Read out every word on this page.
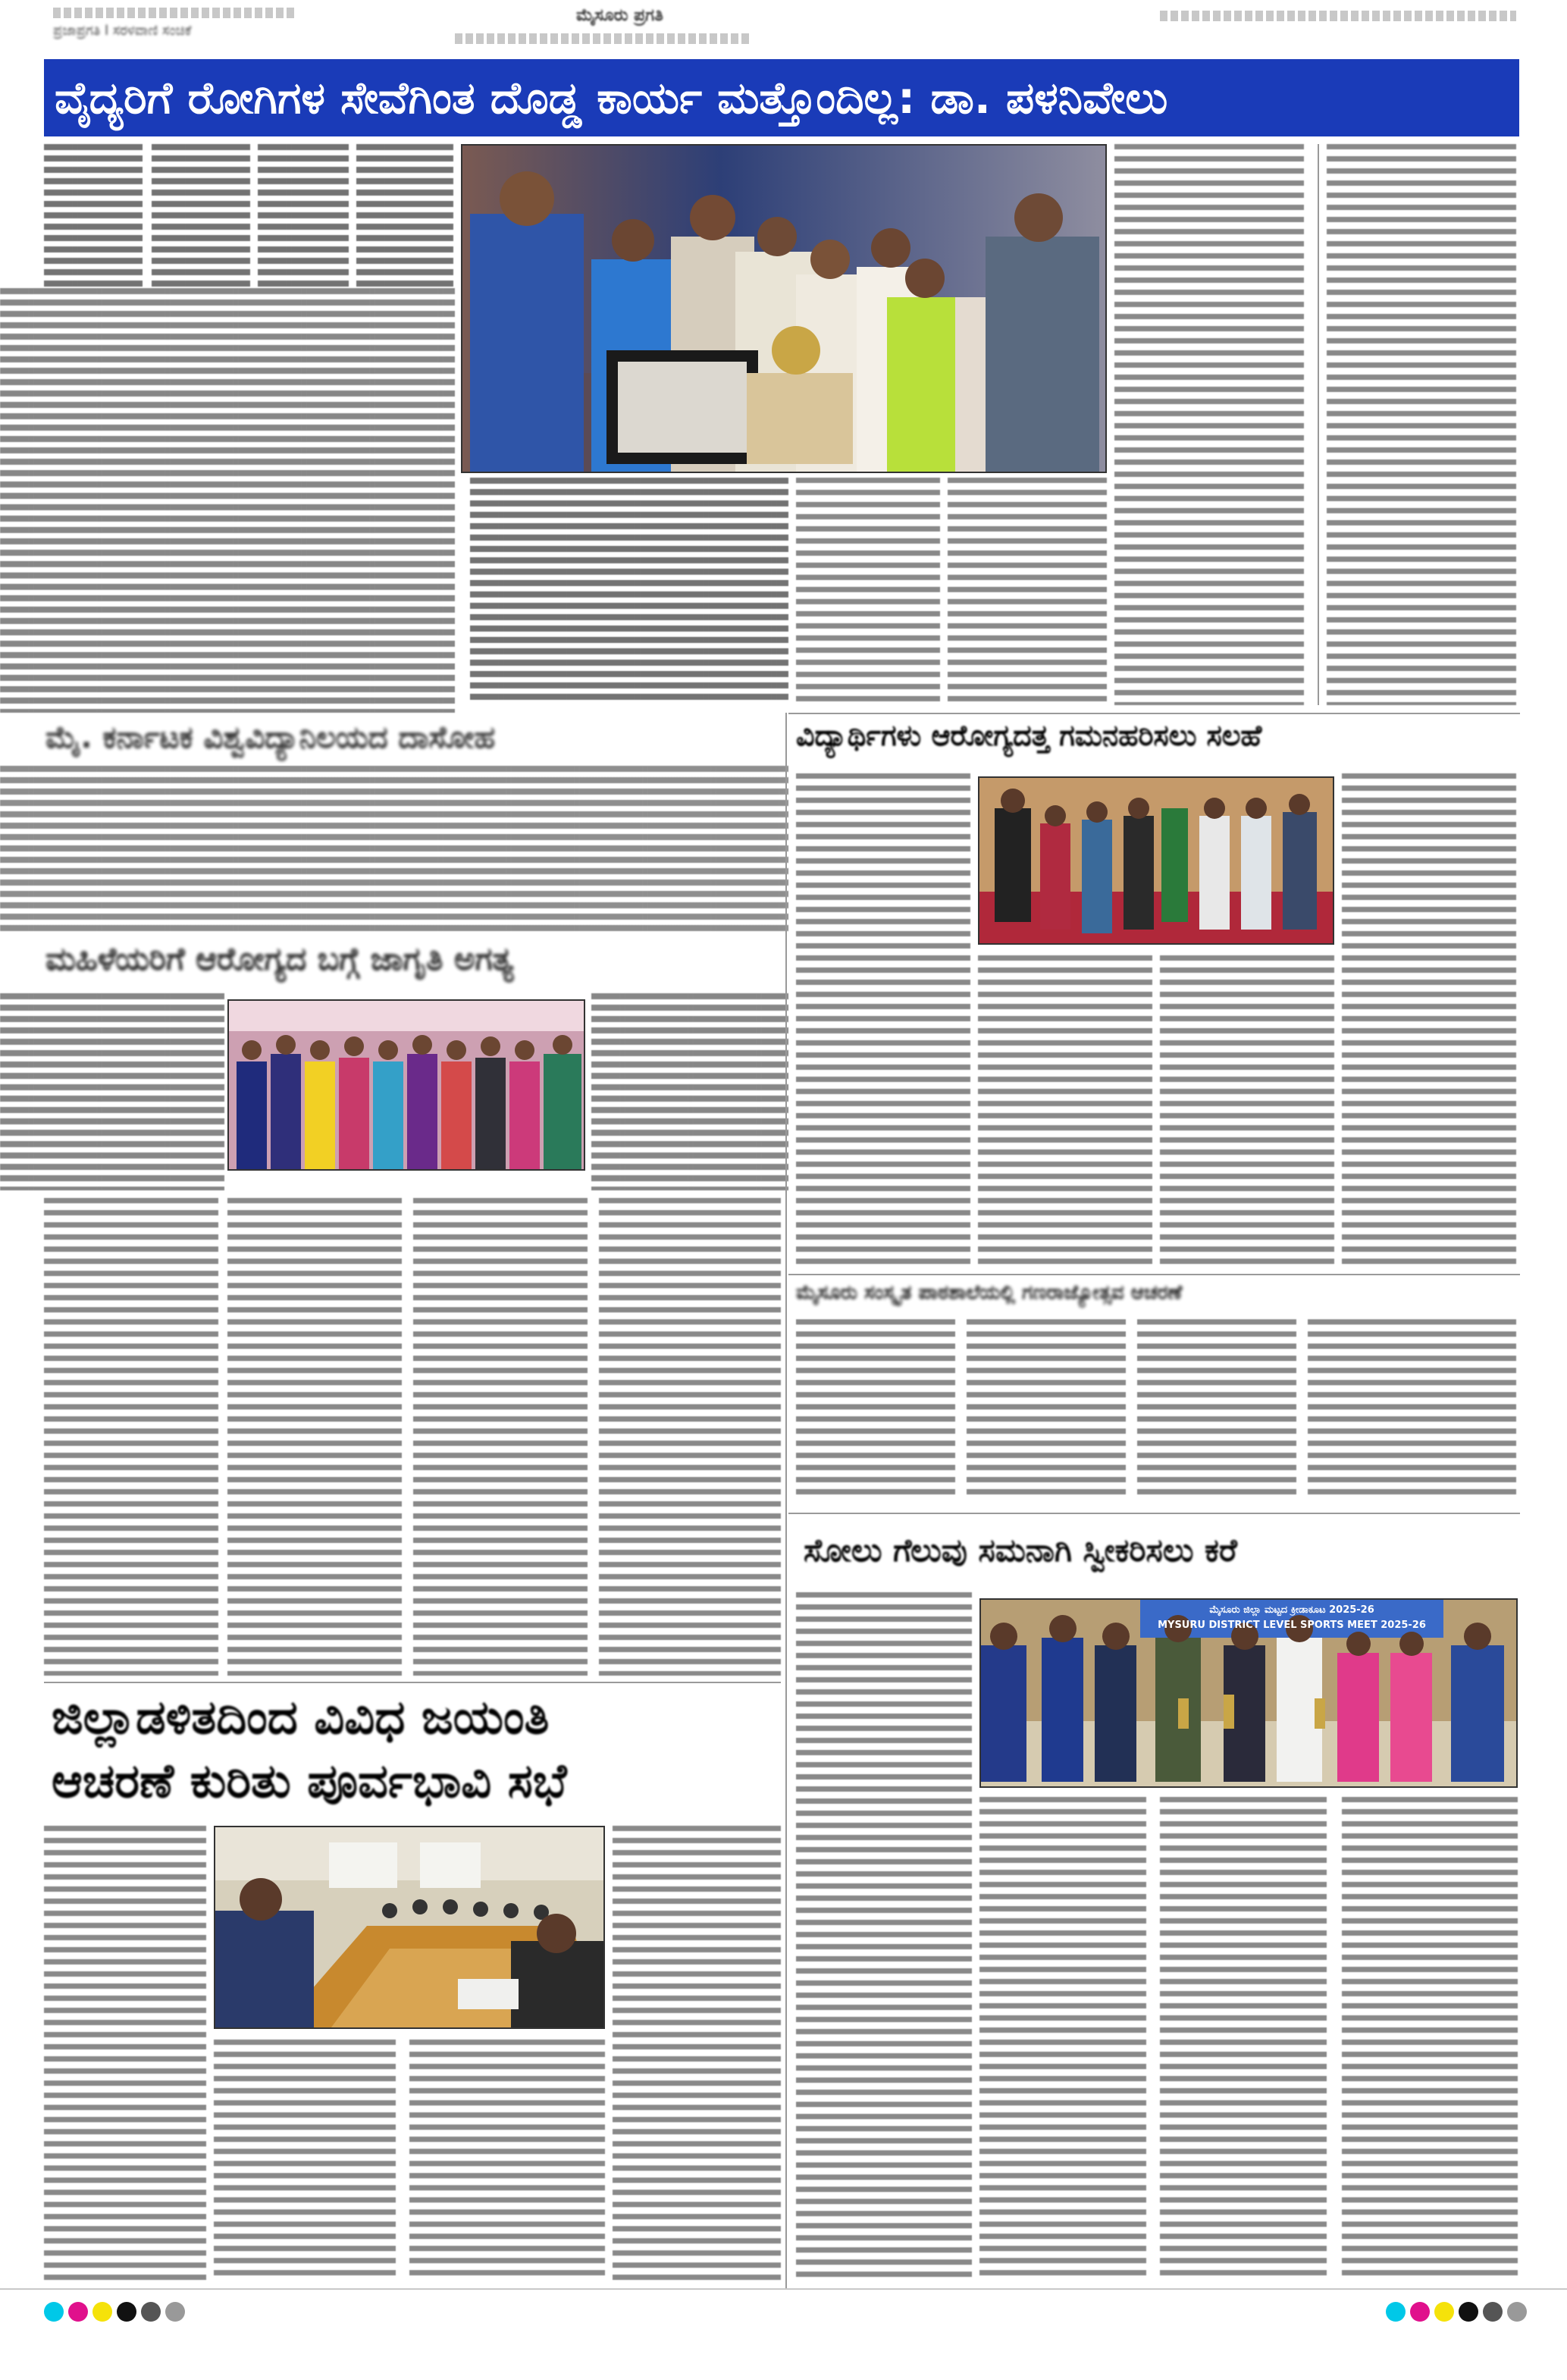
ಪ್ರಜಾಪ್ರಗತಿ l ಸರಳವಾಣಿ ಸಂಚಿಕೆ
ಮೈಸೂರು ಪ್ರಗತಿ
ವೈದ್ಯರಿಗೆ ರೋಗಿಗಳ ಸೇವೆಗಿಂತ ದೊಡ್ಡ ಕಾರ್ಯ ಮತ್ತೊಂದಿಲ್ಲ: ಡಾ. ಪಳನಿವೇಲು
ಮೈ. ಕರ್ನಾಟಕ ವಿಶ್ವವಿದ್ಯಾನಿಲಯದ ದಾಸೋಹ
ಮಹಿಳೆಯರಿಗೆ ಆರೋಗ್ಯದ ಬಗ್ಗೆ ಜಾಗೃತಿ ಅಗತ್ಯ
ವಿದ್ಯಾರ್ಥಿಗಳು ಆರೋಗ್ಯದತ್ತ ಗಮನಹರಿಸಲು ಸಲಹೆ
ಮೈಸೂರು ಸಂಸ್ಕೃತ ಪಾಠಶಾಲೆಯಲ್ಲಿ ಗಣರಾಜ್ಯೋತ್ಸವ ಆಚರಣೆ
ಸೋಲು ಗೆಲುವು ಸಮನಾಗಿ ಸ್ವೀಕರಿಸಲು ಕರೆ
ಮೈಸೂರು ಜಿಲ್ಲಾ ಮಟ್ಟದ ಕ್ರೀಡಾಕೂಟ 2025-26
MYSURU DISTRICT LEVEL SPORTS MEET 2025-26
ಜಿಲ್ಲಾಡಳಿತದಿಂದ ವಿವಿಧ ಜಯಂತಿ
ಆಚರಣೆ ಕುರಿತು ಪೂರ್ವಭಾವಿ ಸಭೆ
